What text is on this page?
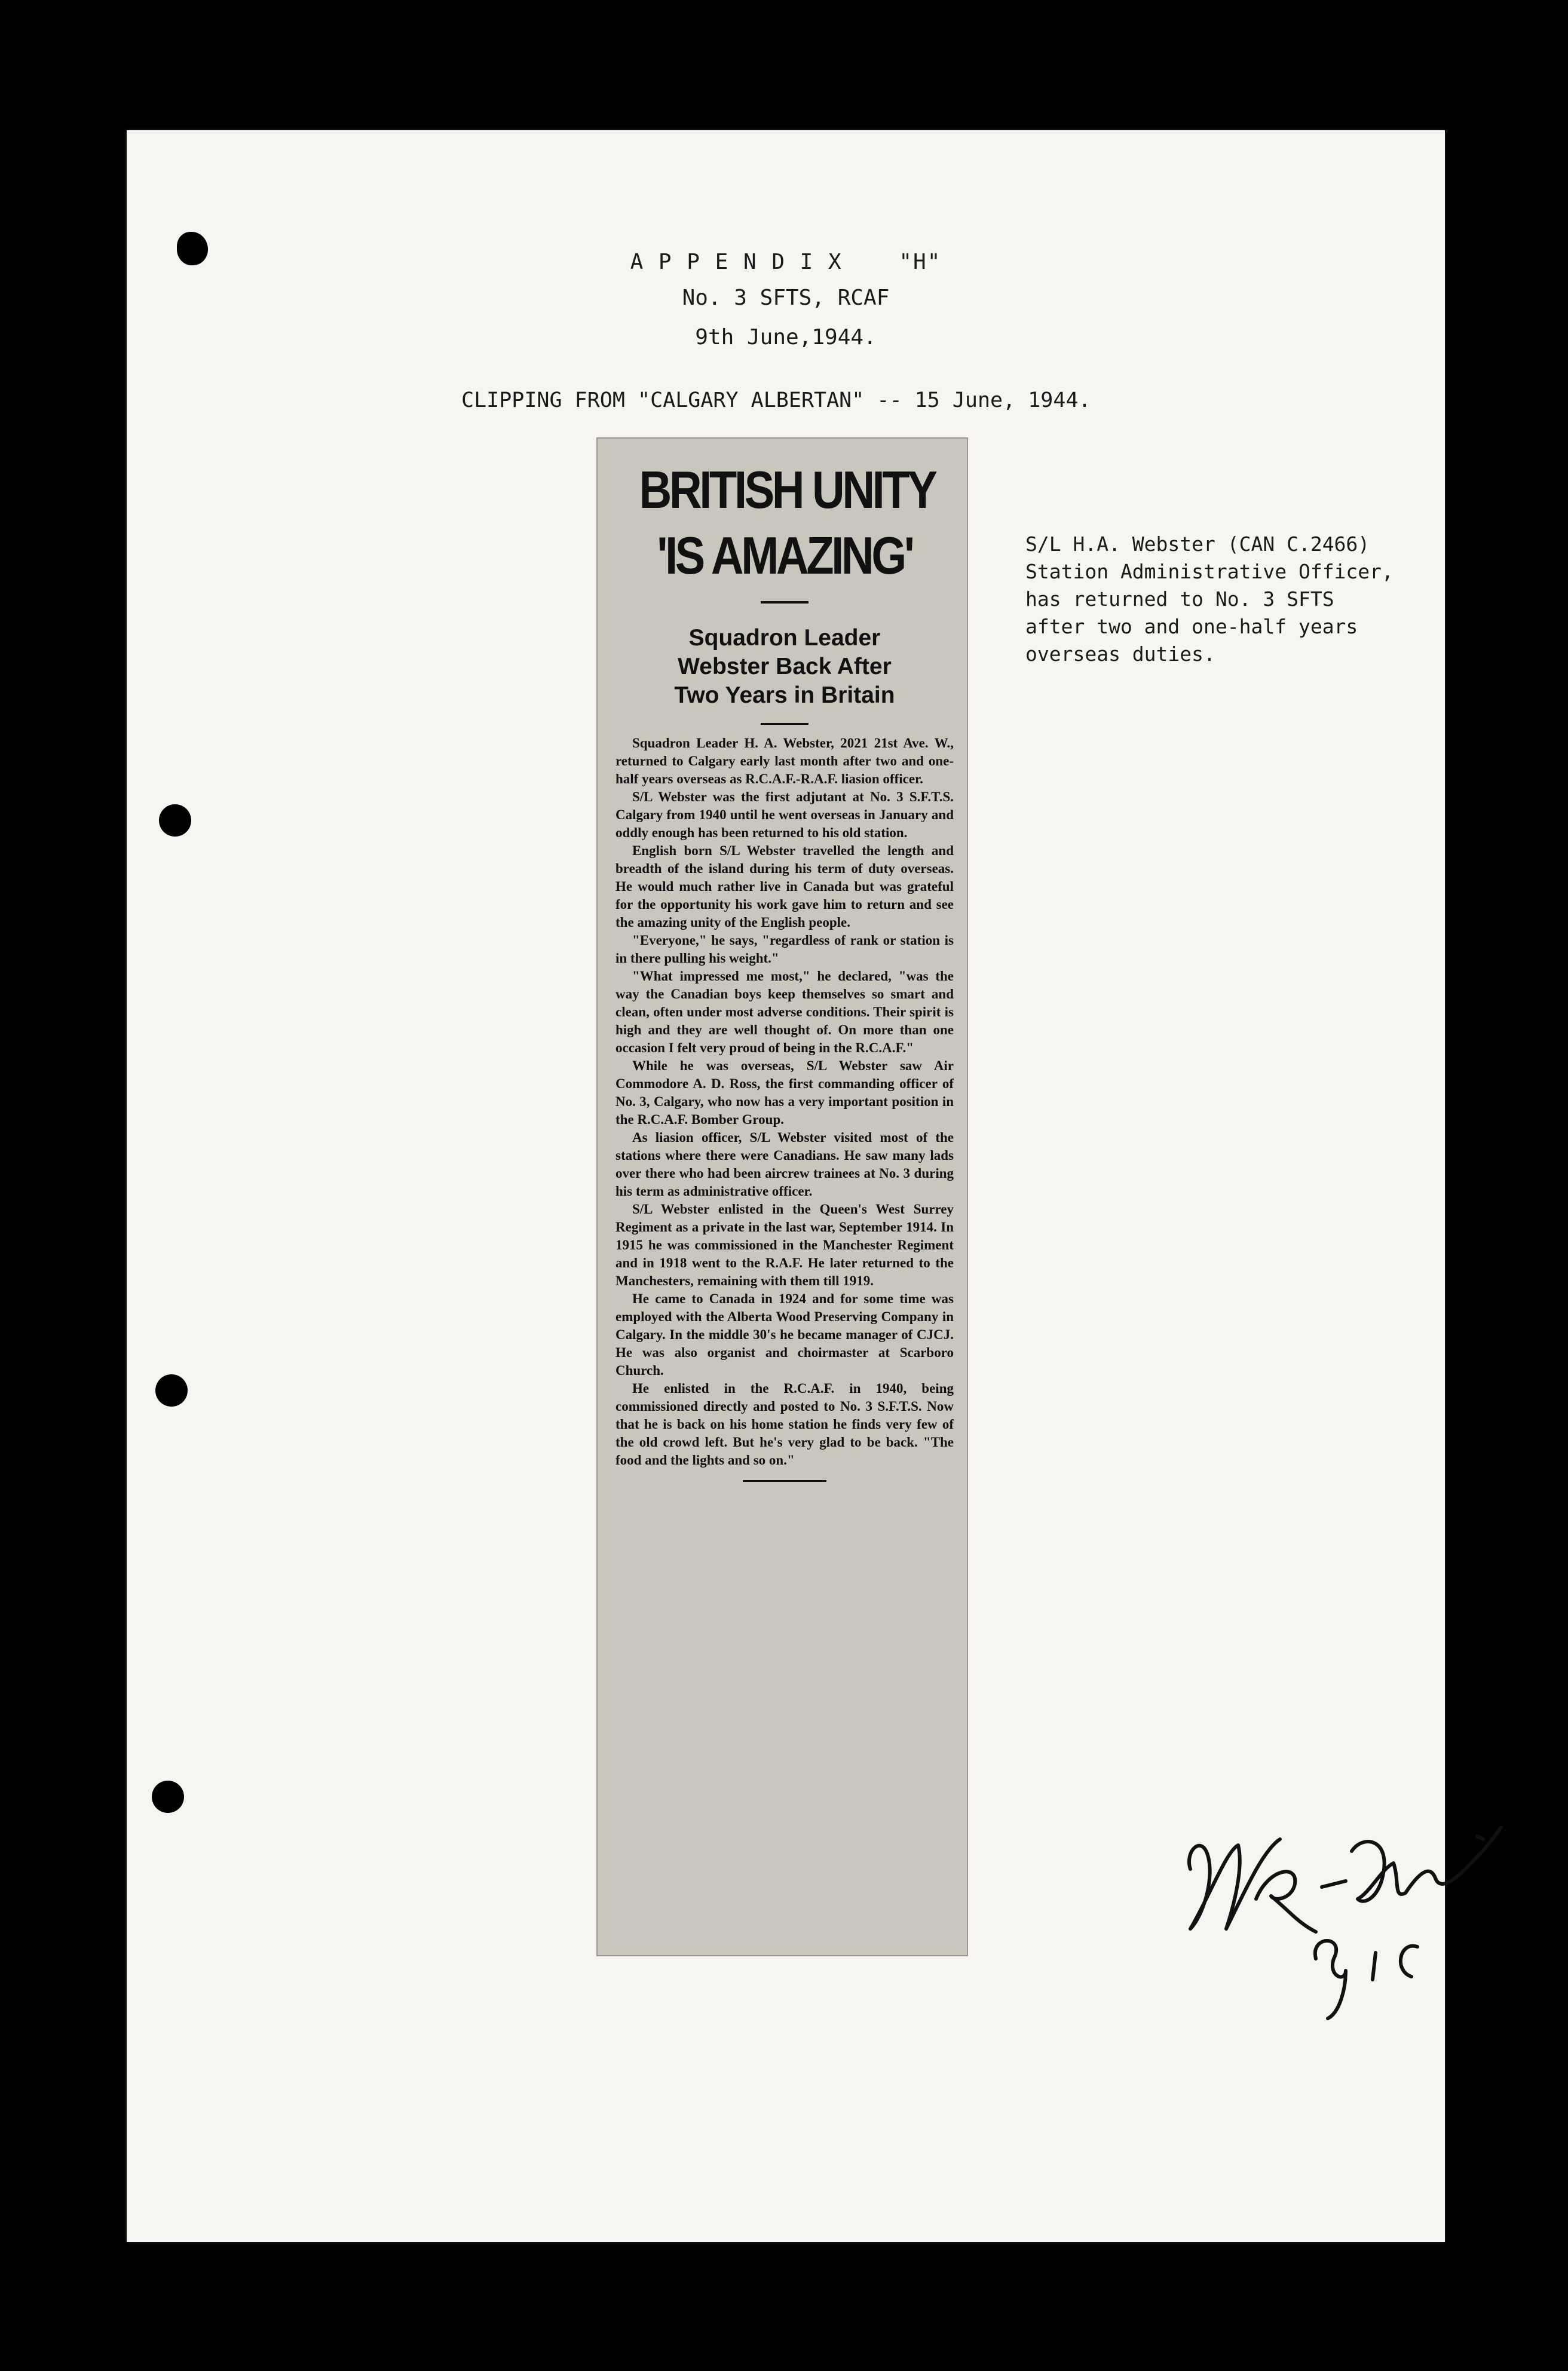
A P P E N D I X    "H"
No. 3 SFTS, RCAF
9th June,1944.
CLIPPING FROM "CALGARY ALBERTAN" -- 15 June, 1944.
BRITISH UNITY
'IS AMAZING'
Squadron Leader
Webster Back After
Two Years in Britain

Squadron Leader H. A. Webster, 2021 21st Ave. W., returned to Calgary early last month after two and one-half years overseas as R.C.A.F.-R.A.F. liasion officer.

S/L Webster was the first adjutant at No. 3 S.F.T.S. Calgary from 1940 until he went overseas in January and oddly enough has been returned to his old station.

English born S/L Webster travelled the length and breadth of the island during his term of duty overseas. He would much rather live in Canada but was grateful for the opportunity his work gave him to return and see the amazing unity of the English people.

"Everyone," he says, "regardless of rank or station is in there pulling his weight."

"What impressed me most," he declared, "was the way the Canadian boys keep themselves so smart and clean, often under most adverse conditions. Their spirit is high and they are well thought of. On more than one occasion I felt very proud of being in the R.C.A.F."

While he was overseas, S/L Webster saw Air Commodore A. D. Ross, the first commanding officer of No. 3, Calgary, who now has a very important position in the R.C.A.F. Bomber Group.

As liasion officer, S/L Webster visited most of the stations where there were Canadians. He saw many lads over there who had been aircrew trainees at No. 3 during his term as administrative officer.

S/L Webster enlisted in the Queen's West Surrey Regiment as a private in the last war, September 1914. In 1915 he was commissioned in the Manchester Regiment and in 1918 went to the R.A.F. He later returned to the Manchesters, remaining with them till 1919.

He came to Canada in 1924 and for some time was employed with the Alberta Wood Preserving Company in Calgary. In the middle 30's he became manager of CJCJ. He was also organist and choirmaster at Scarboro Church.

He enlisted in the R.C.A.F. in 1940, being commissioned directly and posted to No. 3 S.F.T.S. Now that he is back on his home station he finds very few of the old crowd left. But he's very glad to be back. "The food and the lights and so on."

S/L H.A. Webster (CAN C.2466)
Station Administrative Officer,
has returned to No. 3 SFTS
after two and one-half years
overseas duties.
